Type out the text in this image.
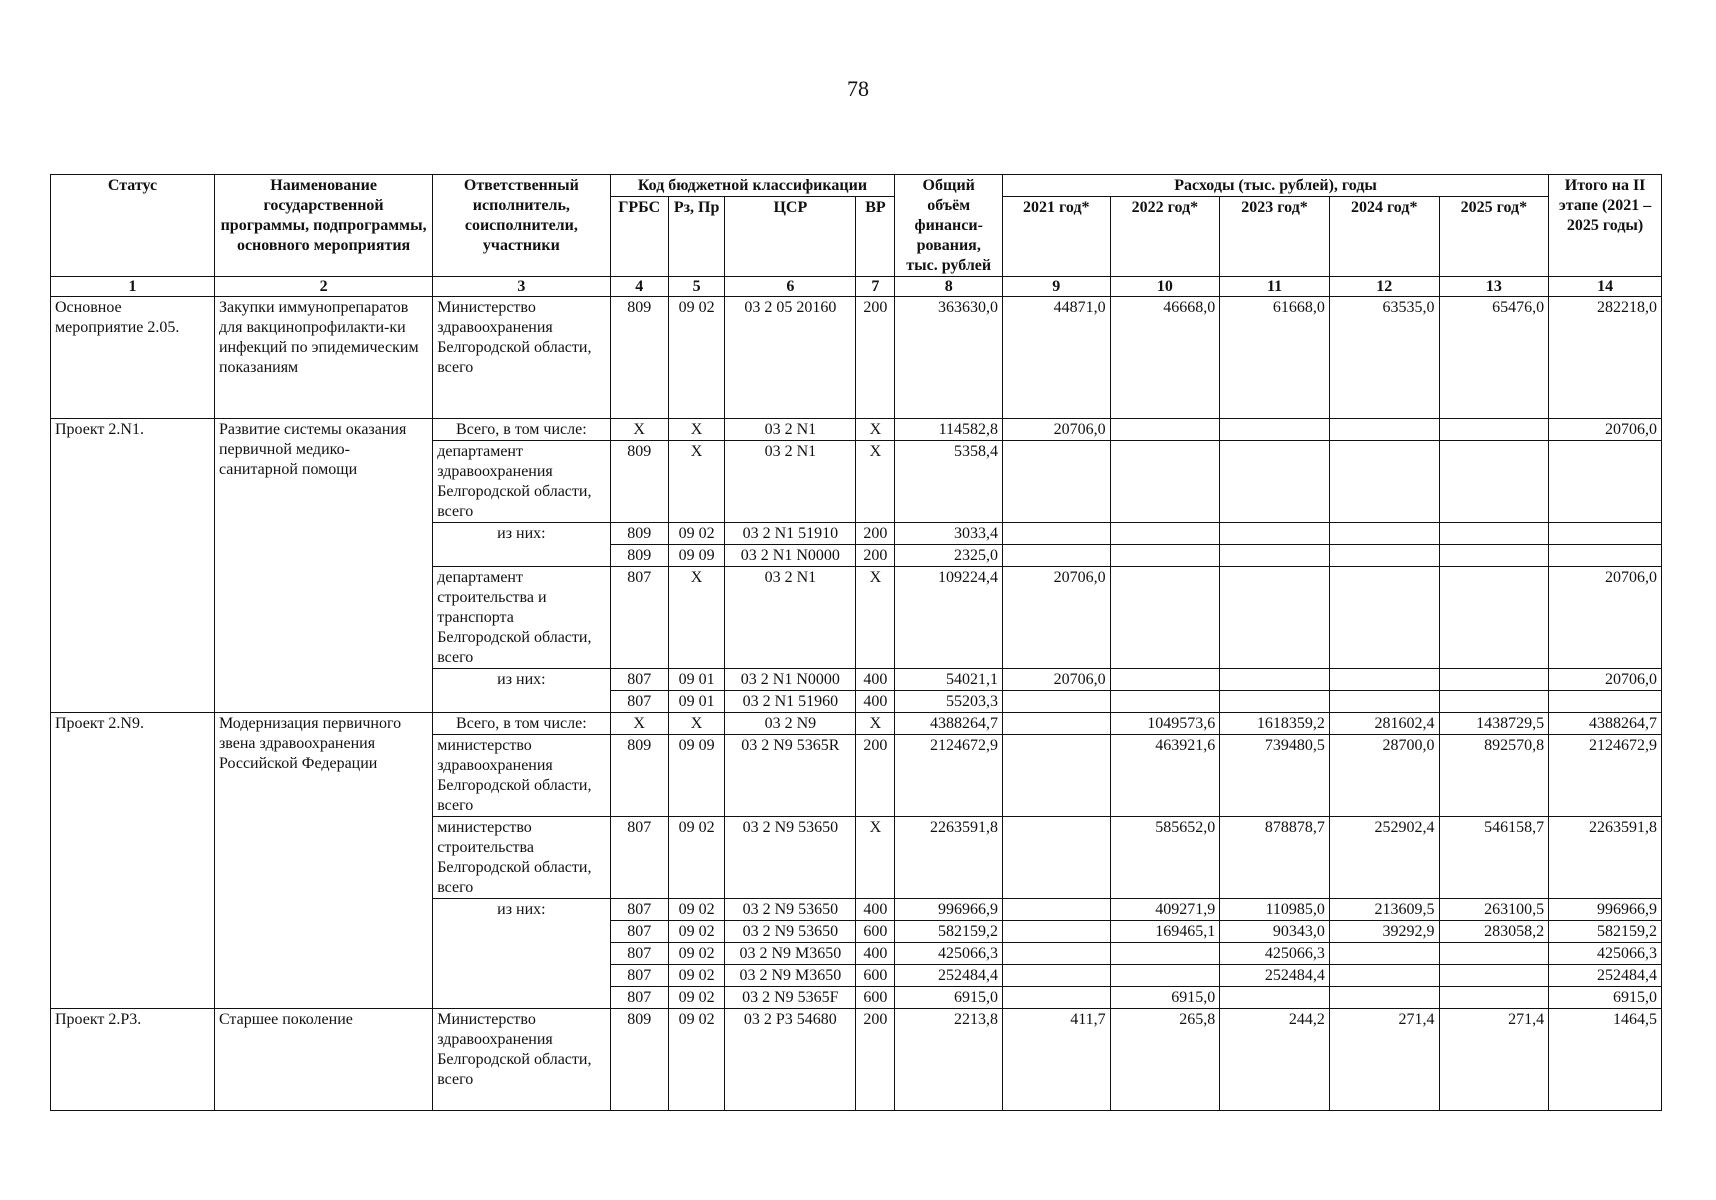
78
Статус	Наименование государственной программы, подпрограммы, основного мероприятия	Ответственный исполнитель, соисполнители, участники	Код бюджетной классификации				Общий объём финанси-рования, тыс. рублей	Расходы (тыс. рублей), годы					Итого на II этапе (2021 – 2025 годы)
			ГРБС	Рз, Пр	ЦСР	ВР		2021 год*	2022 год*	2023 год*	2024 год*	2025 год*	
1	2	3	4	5	6	7	8	9	10	11	12	13	14
Основное мероприятие 2.05.	Закупки иммунопрепаратов для вакцинопрофилакти-ки инфекций по эпидемическим показаниям	Министерство здравоохранения Белгородской области, всего	809	09 02	03 2 05 20160	200	363630,0	44871,0	46668,0	61668,0	63535,0	65476,0	282218,0
Проект 2.N1.	Развитие системы оказания первичной медико-санитарной помощи	Всего, в том числе:	X	X	03 2 N1	X	114582,8	20706,0					20706,0
		департамент здравоохранения Белгородской области, всего	809	X	03 2 N1	X	5358,4						
		из них:	809	09 02	03 2 N1 51910	200	3033,4						
			809	09 09	03 2 N1 N0000	200	2325,0						
		департамент строительства и транспорта Белгородской области, всего	807	X	03 2 N1	X	109224,4	20706,0					20706,0
		из них:	807	09 01	03 2 N1 N0000	400	54021,1	20706,0					20706,0
			807	09 01	03 2 N1 51960	400	55203,3						
Проект 2.N9.	Модернизация первичного звена здравоохранения Российской Федерации	Всего, в том числе:	X	X	03 2 N9	X	4388264,7		1049573,6	1618359,2	281602,4	1438729,5	4388264,7
		министерство здравоохранения Белгородской области, всего	809	09 09	03 2 N9 5365R	200	2124672,9		463921,6	739480,5	28700,0	892570,8	2124672,9
		министерство строительства Белгородской области, всего	807	09 02	03 2 N9 53650	X	2263591,8		585652,0	878878,7	252902,4	546158,7	2263591,8
		из них:	807	09 02	03 2 N9 53650	400	996966,9		409271,9	110985,0	213609,5	263100,5	996966,9
			807	09 02	03 2 N9 53650	600	582159,2		169465,1	90343,0	39292,9	283058,2	582159,2
			807	09 02	03 2 N9 M3650	400	425066,3			425066,3			425066,3
			807	09 02	03 2 N9 M3650	600	252484,4			252484,4			252484,4
			807	09 02	03 2 N9 5365F	600	6915,0		6915,0				6915,0
Проект 2.P3.	Старшее поколение	Министерство здравоохранения Белгородской области, всего	809	09 02	03 2 P3 54680	200	2213,8	411,7	265,8	244,2	271,4	271,4	1464,5
